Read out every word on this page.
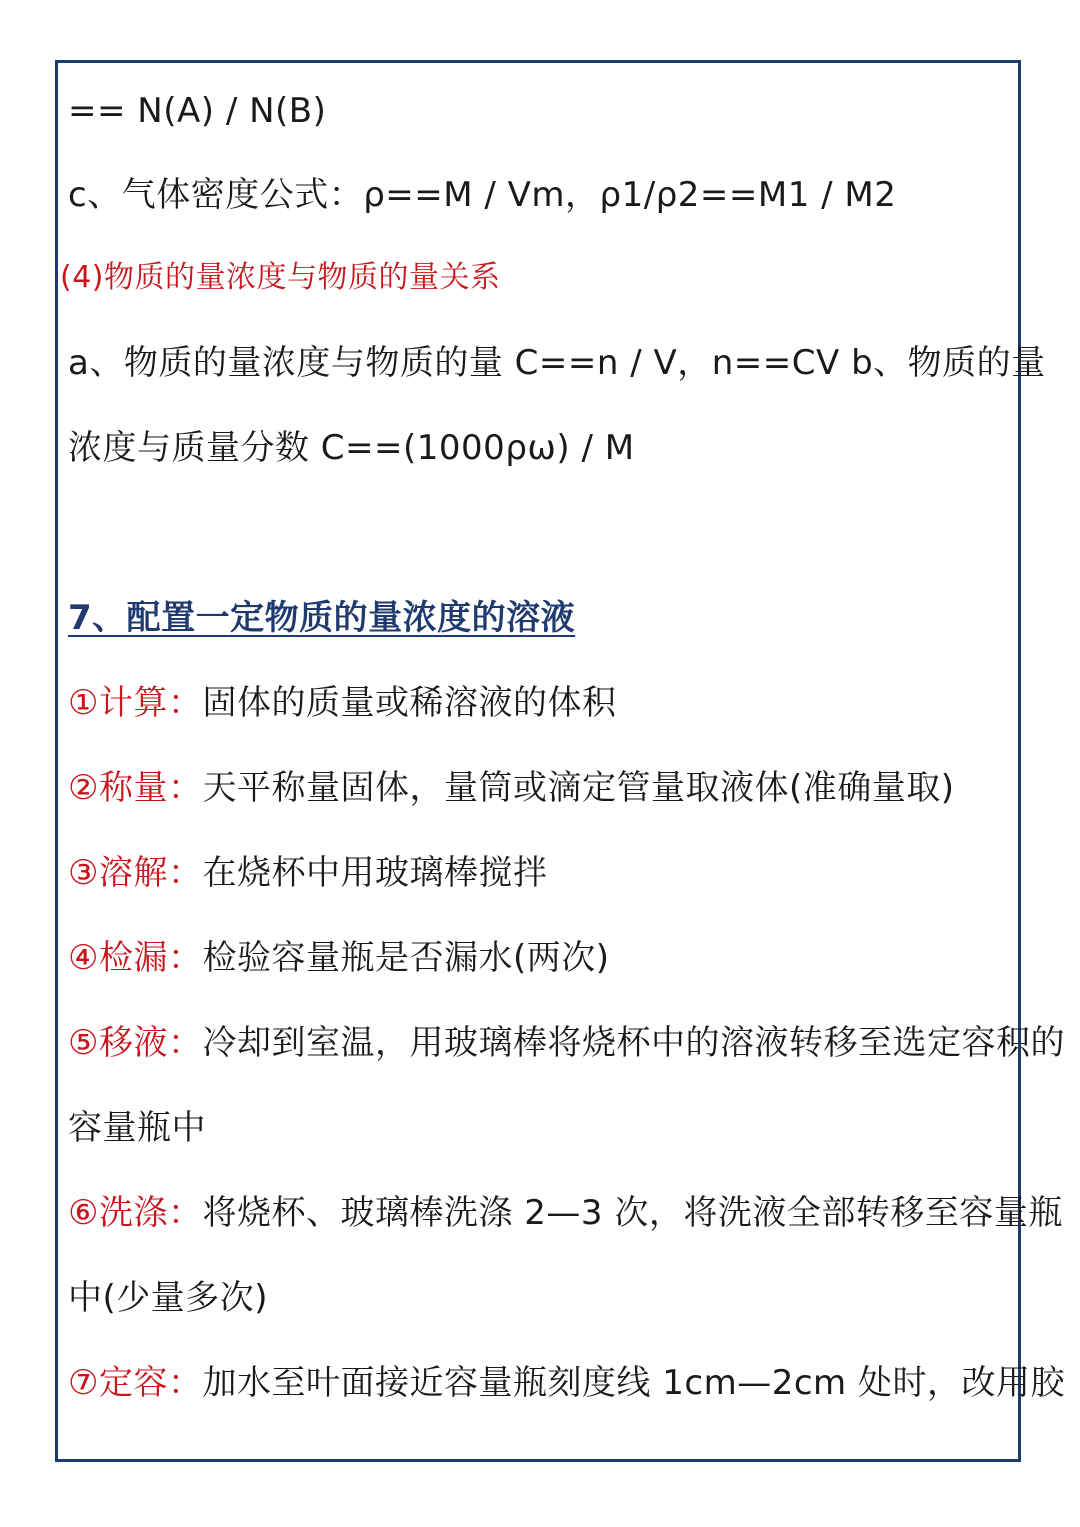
== N(A) / N(B)
c、气体密度公式：ρ==M / Vm，ρ1/ρ2==M1 / M2
(4)物质的量浓度与物质的量关系
a、物质的量浓度与物质的量 C==n / V，n==CV b、物质的量
浓度与质量分数 C==(1000ρω) / M
7、配置一定物质的量浓度的溶液
①计算：固体的质量或稀溶液的体积
②称量：天平称量固体，量筒或滴定管量取液体(准确量取)
③溶解：在烧杯中用玻璃棒搅拌
④检漏：检验容量瓶是否漏水(两次)
⑤移液：冷却到室温，用玻璃棒将烧杯中的溶液转移至选定容积的
容量瓶中
⑥洗涤：将烧杯、玻璃棒洗涤 2—3 次，将洗液全部转移至容量瓶
中(少量多次)
⑦定容：加水至叶面接近容量瓶刻度线 1cm—2cm 处时，改用胶
